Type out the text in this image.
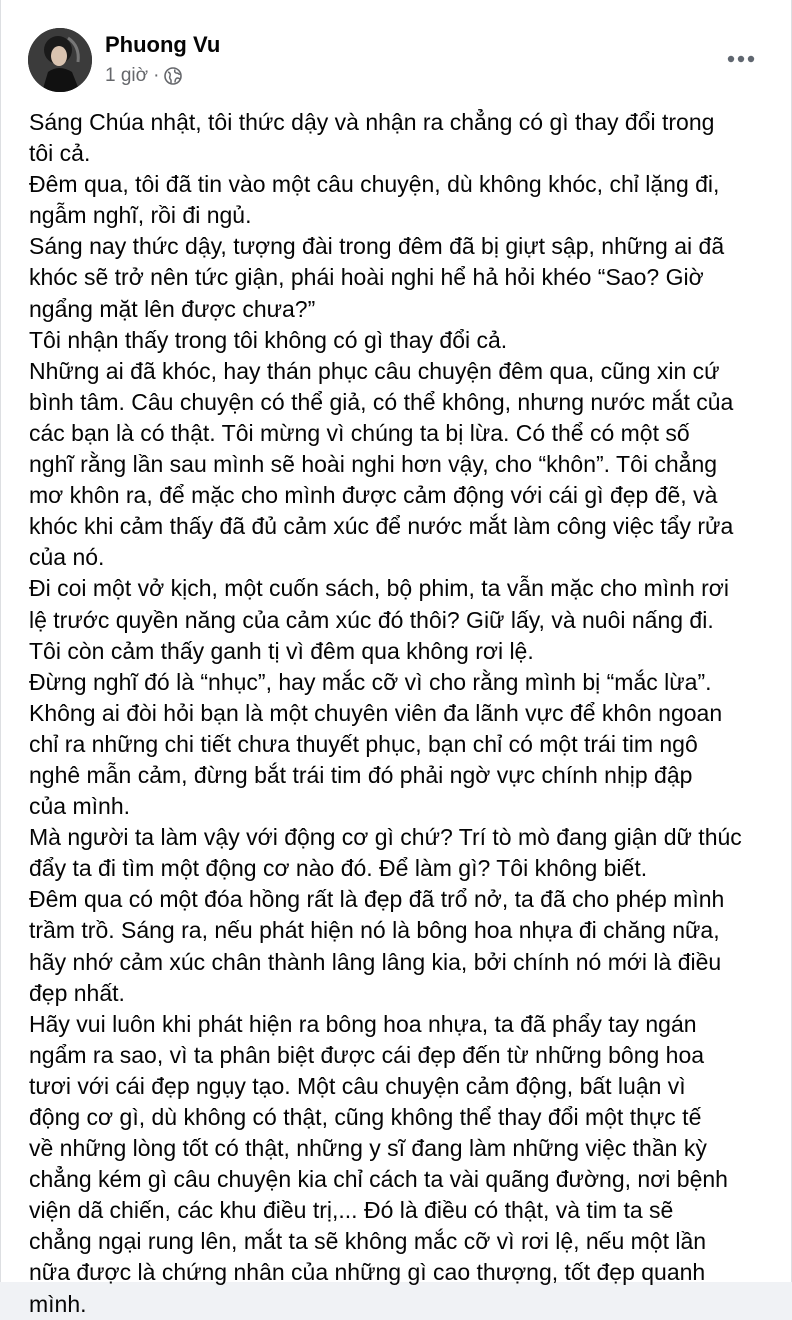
Phuong Vu
1 giờ ·

Sáng Chúa nhật, tôi thức dậy và nhận ra chẳng có gì thay đổi trong

tôi cả.

Đêm qua, tôi đã tin vào một câu chuyện, dù không khóc, chỉ lặng đi,

ngẫm nghĩ, rồi đi ngủ.

Sáng nay thức dậy, tượng đài trong đêm đã bị giựt sập, những ai đã

khóc sẽ trở nên tức giận, phái hoài nghi hể hả hỏi khéo “Sao? Giờ

ngẩng mặt lên được chưa?”

Tôi nhận thấy trong tôi không có gì thay đổi cả.

Những ai đã khóc, hay thán phục câu chuyện đêm qua, cũng xin cứ

bình tâm. Câu chuyện có thể giả, có thể không, nhưng nước mắt của

các bạn là có thật. Tôi mừng vì chúng ta bị lừa. Có thể có một số

nghĩ rằng lần sau mình sẽ hoài nghi hơn vậy, cho “khôn”. Tôi chẳng

mơ khôn ra, để mặc cho mình được cảm động với cái gì đẹp đẽ, và

khóc khi cảm thấy đã đủ cảm xúc để nước mắt làm công việc tẩy rửa

của nó.

Đi coi một vở kịch, một cuốn sách, bộ phim, ta vẫn mặc cho mình rơi

lệ trước quyền năng của cảm xúc đó thôi? Giữ lấy, và nuôi nấng đi.

Tôi còn cảm thấy ganh tị vì đêm qua không rơi lệ.

Đừng nghĩ đó là “nhục”, hay mắc cỡ vì cho rằng mình bị “mắc lừa”.

Không ai đòi hỏi bạn là một chuyên viên đa lãnh vực để khôn ngoan

chỉ ra những chi tiết chưa thuyết phục, bạn chỉ có một trái tim ngô

nghê mẫn cảm, đừng bắt trái tim đó phải ngờ vực chính nhịp đập

của mình.

Mà người ta làm vậy với động cơ gì chứ? Trí tò mò đang giận dữ thúc

đẩy ta đi tìm một động cơ nào đó. Để làm gì? Tôi không biết.

Đêm qua có một đóa hồng rất là đẹp đã trổ nở, ta đã cho phép mình

trầm trồ. Sáng ra, nếu phát hiện nó là bông hoa nhựa đi chăng nữa,

hãy nhớ cảm xúc chân thành lâng lâng kia, bởi chính nó mới là điều

đẹp nhất.

Hãy vui luôn khi phát hiện ra bông hoa nhựa, ta đã phẩy tay ngán

ngẩm ra sao, vì ta phân biệt được cái đẹp đến từ những bông hoa

tươi với cái đẹp ngụy tạo. Một câu chuyện cảm động, bất luận vì

động cơ gì, dù không có thật, cũng không thể thay đổi một thực tế

về những lòng tốt có thật, những y sĩ đang làm những việc thần kỳ

chẳng kém gì câu chuyện kia chỉ cách ta vài quãng đường, nơi bệnh

viện dã chiến, các khu điều trị,... Đó là điều có thật, và tim ta sẽ

chẳng ngại rung lên, mắt ta sẽ không mắc cỡ vì rơi lệ, nếu một lần

nữa được là chứng nhân của những gì cao thượng, tốt đẹp quanh

mình.
